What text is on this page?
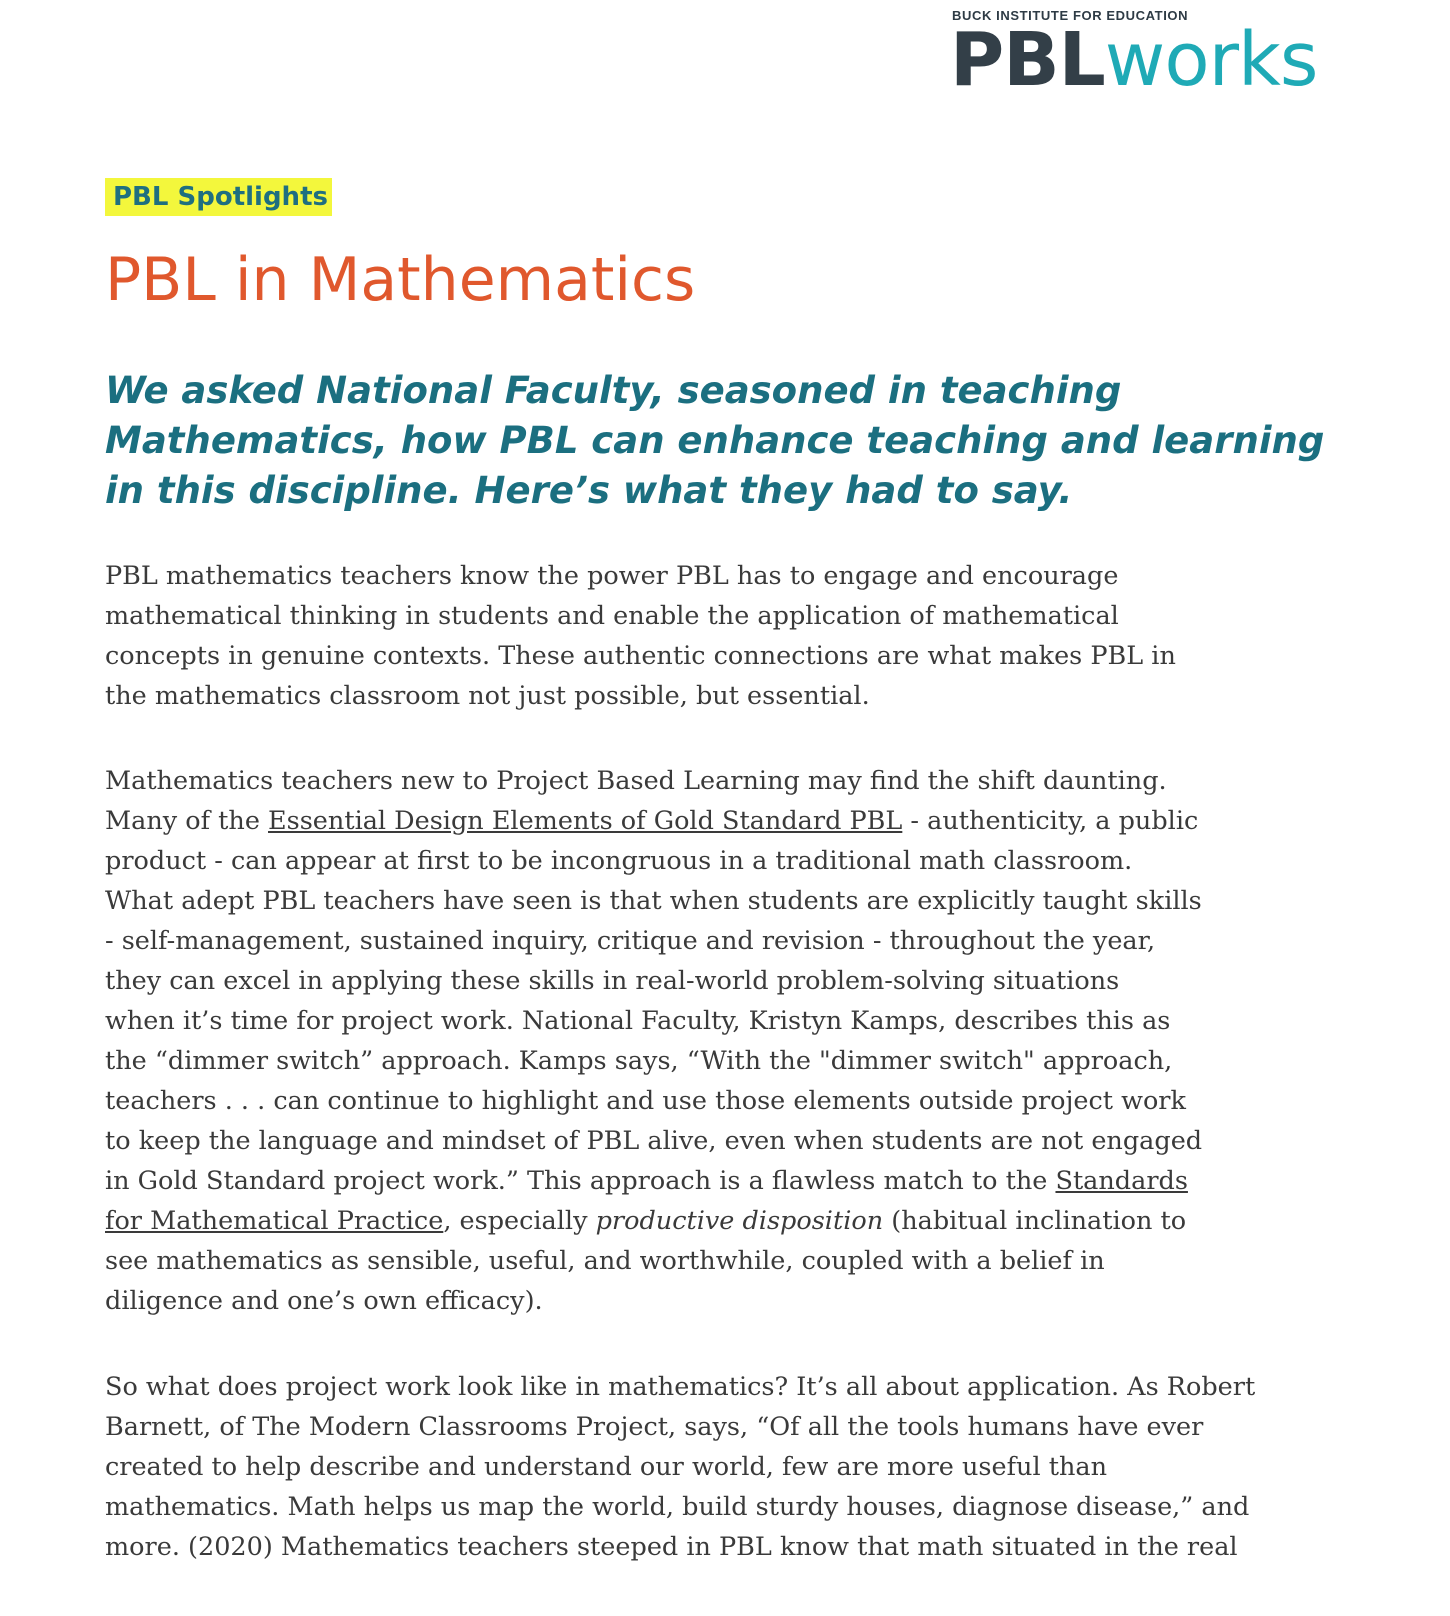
BUCK INSTITUTE FOR EDUCATION
PBLworks
PBL Spotlights
PBL in Mathematics
We asked National Faculty, seasoned in teaching Mathematics, how PBL can enhance teaching and learning in this discipline. Here’s what they had to say.

PBL mathematics teachers know the power PBL has to engage and encourage
mathematical thinking in students and enable the application of mathematical
concepts in genuine contexts. These authentic connections are what makes PBL in
the mathematics classroom not just possible, but essential.

Mathematics teachers new to Project Based Learning may find the shift daunting.
Many of the Essential Design Elements of Gold Standard PBL - authenticity, a public
product - can appear at first to be incongruous in a traditional math classroom.
What adept PBL teachers have seen is that when students are explicitly taught skills
- self-management, sustained inquiry, critique and revision - throughout the year,
they can excel in applying these skills in real-world problem-solving situations
when it’s time for project work. National Faculty, Kristyn Kamps, describes this as
the “dimmer switch” approach. Kamps says, “With the "dimmer switch" approach,
teachers . . . can continue to highlight and use those elements outside project work
to keep the language and mindset of PBL alive, even when students are not engaged
in Gold Standard project work.” This approach is a flawless match to the Standards
for Mathematical Practice, especially productive disposition (habitual inclination to
see mathematics as sensible, useful, and worthwhile, coupled with a belief in
diligence and one’s own efficacy).

So what does project work look like in mathematics? It’s all about application. As Robert
Barnett, of The Modern Classrooms Project, says, “Of all the tools humans have ever
created to help describe and understand our world, few are more useful than
mathematics. Math helps us map the world, build sturdy houses, diagnose disease,” and
more. (2020) Mathematics teachers steeped in PBL know that math situated in the real
